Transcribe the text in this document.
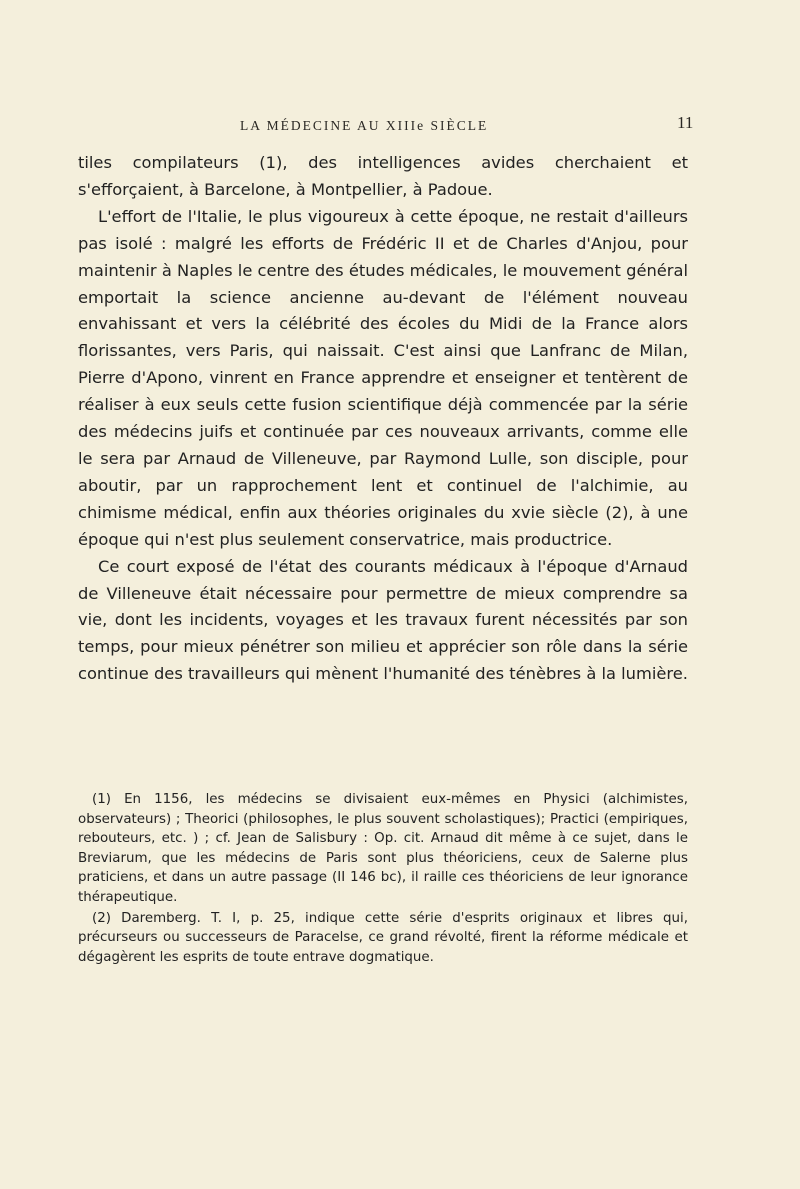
LA MÉDECINE AU XIIIe SIÈCLE	11

tiles compilateurs (1), des intelligences avides cherchaient et s'efforçaient, à Barcelone, à Montpellier, à Padoue.

L'effort de l'Italie, le plus vigoureux à cette époque, ne restait d'ailleurs pas isolé : malgré les efforts de Frédéric II et de Charles d'Anjou, pour maintenir à Naples le centre des études médicales, le mouvement général emportait la science ancienne au-devant de l'élément nouveau envahissant et vers la célébrité des écoles du Midi de la France alors florissantes, vers Paris, qui naissait. C'est ainsi que Lanfranc de Milan, Pierre d'Apono, vinrent en France apprendre et enseigner et tentèrent de réaliser à eux seuls cette fusion scientifique déjà commencée par la série des médecins juifs et continuée par ces nouveaux arrivants, comme elle le sera par Arnaud de Villeneuve, par Raymond Lulle, son disciple, pour aboutir, par un rapprochement lent et continuel de l'alchimie, au chimisme médical, enfin aux théories originales du xvie siècle (2), à une époque qui n'est plus seulement conservatrice, mais productrice.

Ce court exposé de l'état des courants médicaux à l'époque d'Arnaud de Villeneuve était nécessaire pour permettre de mieux comprendre sa vie, dont les incidents, voyages et les travaux furent nécessités par son temps, pour mieux pénétrer son milieu et apprécier son rôle dans la série continue des travailleurs qui mènent l'humanité des ténèbres à la lumière.

(1) En 1156, les médecins se divisaient eux-mêmes en Physici (alchimistes, observateurs) ; Theorici (philosophes, le plus souvent scholastiques); Practici (empiriques, rebouteurs, etc. ) ; cf. Jean de Salisbury : Op. cit. Arnaud dit même à ce sujet, dans le Breviarum, que les médecins de Paris sont plus théoriciens, ceux de Salerne plus praticiens, et dans un autre passage (II 146 bc), il raille ces théoriciens de leur ignorance thérapeutique.

(2) Daremberg. T. I, p. 25, indique cette série d'esprits originaux et libres qui, précurseurs ou successeurs de Paracelse, ce grand révolté, firent la réforme médicale et dégagèrent les esprits de toute entrave dogmatique.
